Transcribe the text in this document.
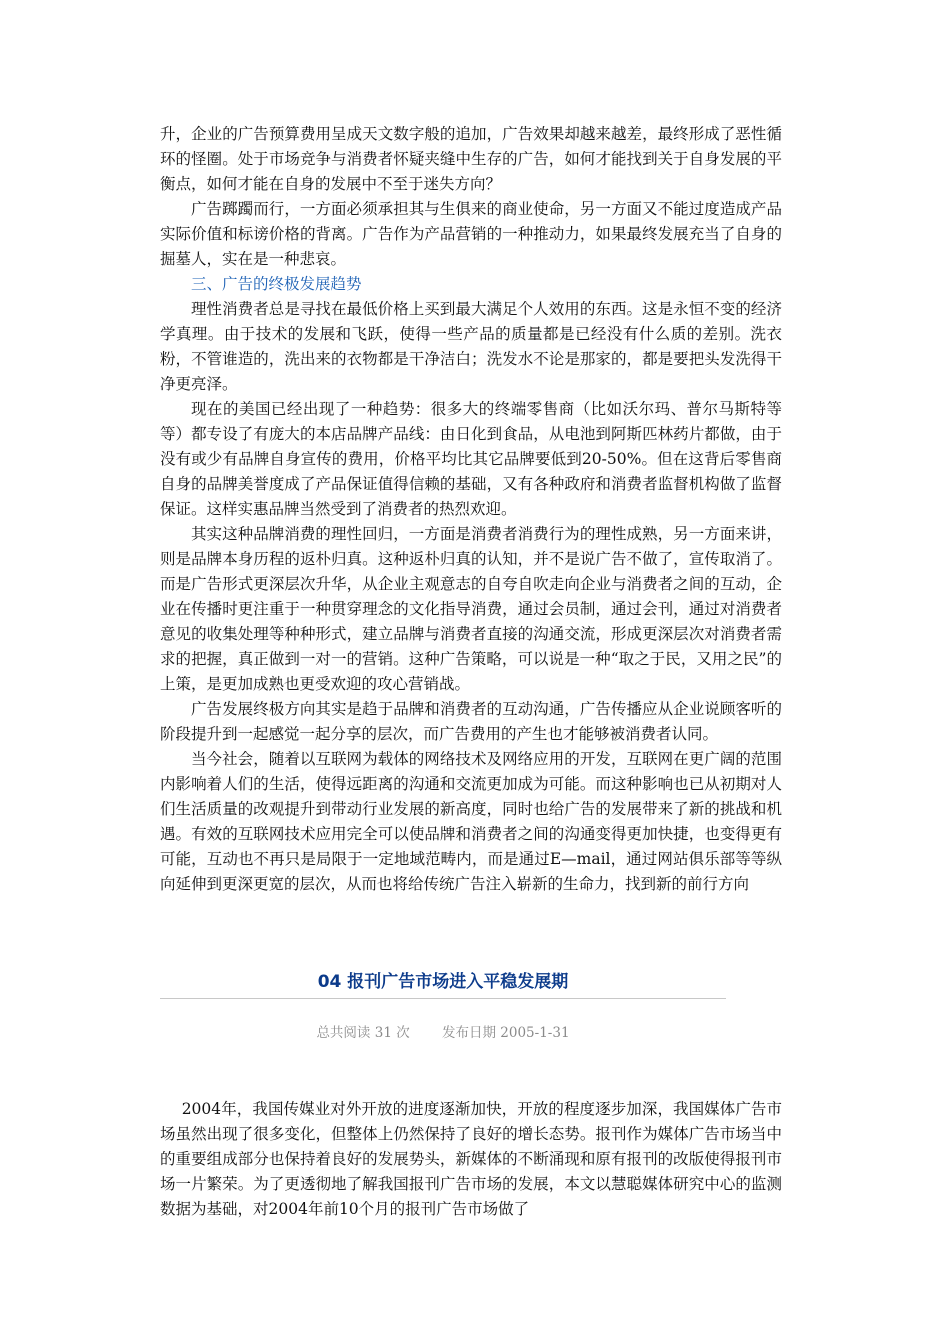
升，企业的广告预算费用呈成天文数字般的追加，广告效果却越来越差，最终形成了恶性循环的怪圈。处于市场竞争与消费者怀疑夹缝中生存的广告，如何才能找到关于自身发展的平衡点，如何才能在自身的发展中不至于迷失方向？

广告踯躅而行，一方面必须承担其与生俱来的商业使命，另一方面又不能过度造成产品实际价值和标谤价格的背离。广告作为产品营销的一种推动力，如果最终发展充当了自身的掘墓人，实在是一种悲哀。

三、广告的终极发展趋势

理性消费者总是寻找在最低价格上买到最大满足个人效用的东西。这是永恒不变的经济学真理。由于技术的发展和飞跃，使得一些产品的质量都是已经没有什么质的差别。洗衣粉，不管谁造的，洗出来的衣物都是干净洁白；洗发水不论是那家的，都是要把头发洗得干净更亮泽。

现在的美国已经出现了一种趋势：很多大的终端零售商（比如沃尔玛、普尔马斯特等等）都专设了有庞大的本店品牌产品线：由日化到食品，从电池到阿斯匹林药片都做，由于没有或少有品牌自身宣传的费用，价格平均比其它品牌要低到20-50%。但在这背后零售商自身的品牌美誉度成了产品保证值得信赖的基础，又有各种政府和消费者监督机构做了监督保证。这样实惠品牌当然受到了消费者的热烈欢迎。

其实这种品牌消费的理性回归，一方面是消费者消费行为的理性成熟，另一方面来讲，则是品牌本身历程的返朴归真。这种返朴归真的认知，并不是说广告不做了，宣传取消了。而是广告形式更深层次升华，从企业主观意志的自夸自吹走向企业与消费者之间的互动，企业在传播时更注重于一种贯穿理念的文化指导消费，通过会员制，通过会刊，通过对消费者意见的收集处理等种种形式，建立品牌与消费者直接的沟通交流，形成更深层次对消费者需求的把握，真正做到一对一的营销。这种广告策略，可以说是一种“取之于民，又用之民”的上策，是更加成熟也更受欢迎的攻心营销战。

广告发展终极方向其实是趋于品牌和消费者的互动沟通，广告传播应从企业说顾客听的阶段提升到一起感觉一起分享的层次，而广告费用的产生也才能够被消费者认同。

当今社会，随着以互联网为载体的网络技术及网络应用的开发，互联网在更广阔的范围内影响着人们的生活，使得远距离的沟通和交流更加成为可能。而这种影响也已从初期对人们生活质量的改观提升到带动行业发展的新高度，同时也给广告的发展带来了新的挑战和机遇。有效的互联网技术应用完全可以使品牌和消费者之间的沟通变得更加快捷，也变得更有可能，互动也不再只是局限于一定地域范畴内，而是通过E—mail，通过网站俱乐部等等纵向延伸到更深更宽的层次，从而也将给传统广告注入崭新的生命力，找到新的前行方向

04 报刊广告市场进入平稳发展期
总共阅读 31 次 发布日期 2005-1-31

2004年，我国传媒业对外开放的进度逐渐加快，开放的程度逐步加深，我国媒体广告市场虽然出现了很多变化，但整体上仍然保持了良好的增长态势。报刊作为媒体广告市场当中的重要组成部分也保持着良好的发展势头，新媒体的不断涌现和原有报刊的改版使得报刊市场一片繁荣。为了更透彻地了解我国报刊广告市场的发展，本文以慧聪媒体研究中心的监测数据为基础，对2004年前10个月的报刊广告市场做了
